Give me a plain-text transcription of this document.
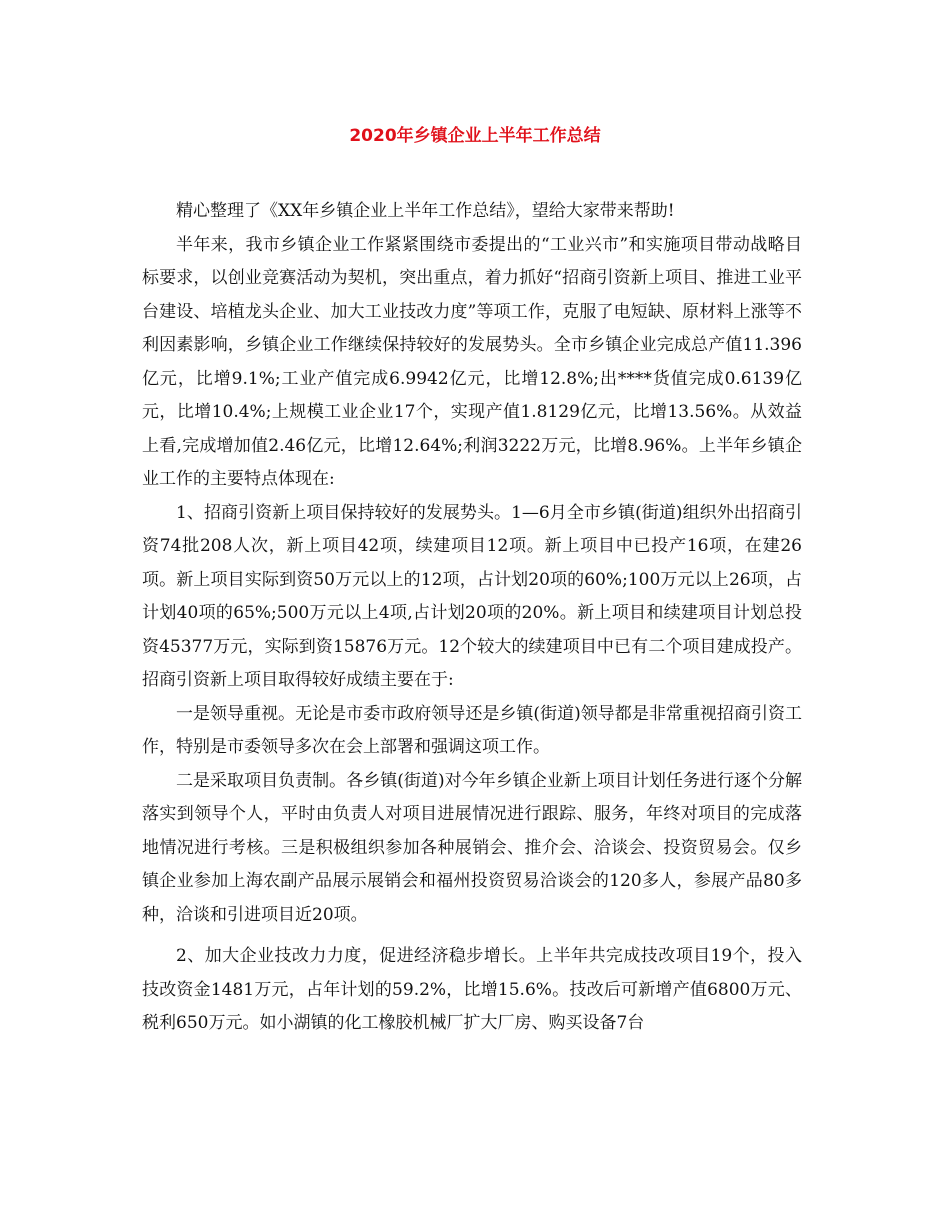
2020年乡镇企业上半年工作总结

精心整理了《XX年乡镇企业上半年工作总结》，望给大家带来帮助!

半年来，我市乡镇企业工作紧紧围绕市委提出的“工业兴市”和实施项目带动战略目标要求，以创业竞赛活动为契机，突出重点，着力抓好“招商引资新上项目、推进工业平台建设、培植龙头企业、加大工业技改力度”等项工作，克服了电短缺、原材料上涨等不利因素影响，乡镇企业工作继续保持较好的发展势头。全市乡镇企业完成总产值11.396亿元，比增9.1%;工业产值完成6.9942亿元，比增12.8%;出****货值完成0.6139亿元，比增10.4%;上规模工业企业17个，实现产值1.8129亿元，比增13.56%。从效益上看,完成增加值2.46亿元，比增12.64%;利润3222万元，比增8.96%。上半年乡镇企业工作的主要特点体现在:

1、招商引资新上项目保持较好的发展势头。1—6月全市乡镇(街道)组织外出招商引资74批208人次，新上项目42项，续建项目12项。新上项目中已投产16项，在建26项。新上项目实际到资50万元以上的12项，占计划20项的60%;100万元以上26项，占计划40项的65%;500万元以上4项,占计划20项的20%。新上项目和续建项目计划总投资45377万元，实际到资15876万元。12个较大的续建项目中已有二个项目建成投产。招商引资新上项目取得较好成绩主要在于:

一是领导重视。无论是市委市政府领导还是乡镇(街道)领导都是非常重视招商引资工作，特别是市委领导多次在会上部署和强调这项工作。

二是采取项目负责制。各乡镇(街道)对今年乡镇企业新上项目计划任务进行逐个分解落实到领导个人，平时由负责人对项目进展情况进行跟踪、服务，年终对项目的完成落地情况进行考核。三是积极组织参加各种展销会、推介会、洽谈会、投资贸易会。仅乡镇企业参加上海农副产品展示展销会和福州投资贸易洽谈会的120多人，参展产品80多种，洽谈和引进项目近20项。

2、加大企业技改力力度，促进经济稳步增长。上半年共完成技改项目19个，投入技改资金1481万元，占年计划的59.2%，比增15.6%。技改后可新增产值6800万元、税利650万元。如小湖镇的化工橡胶机械厂扩大厂房、购买设备7台
